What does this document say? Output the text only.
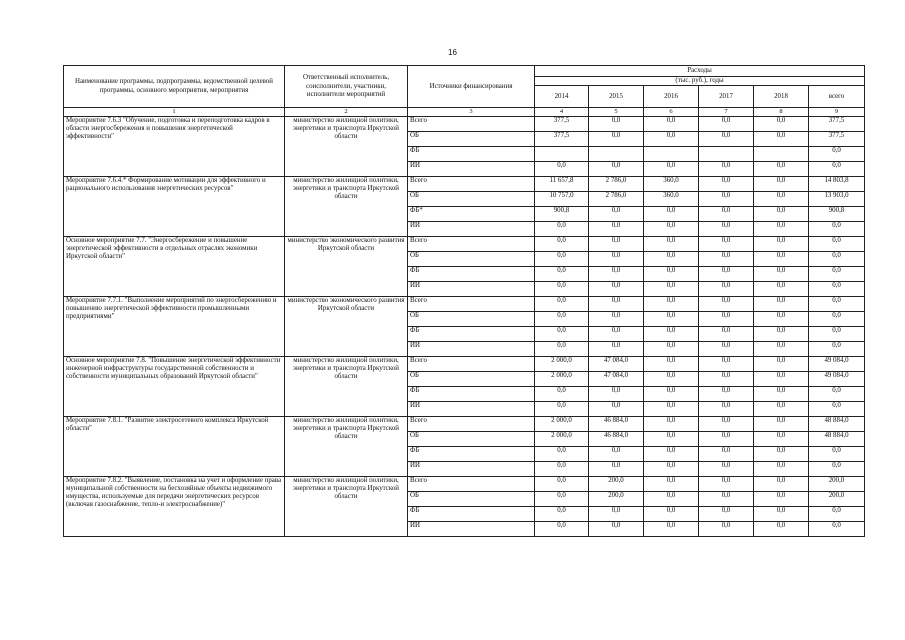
16
Наименование программы, подпрограммы, ведомственной целевой программы, основного мероприятия, мероприятия	Ответственный исполнитель, соисполнители, участники, исполнители мероприятий	Источники финансирования	Расходы					
			(тыс. руб.), годы					
			2014	2015	2016	2017	2018	всего
1	2	3	4	5	6	7	8	9
Мероприятие 7.6.3 "Обучение, подготовка и переподготовка кадров в области энергосбережения и повышения энергетической эффективности"	министерство жилищной политики, энергетики и транспорта Иркутской области	Всего	377,5	0,0	0,0	0,0	0,0	377,5
		ОБ	377,5	0,0	0,0	0,0	0,0	377,5
		ФБ						0,0
		ИИ	0,0	0,0	0,0	0,0	0,0	0,0
Мероприятие 7.6.4.* Формирование мотивации для эффективного и рационального использования энергетических ресурсов"	министерство жилищной политики, энергетики и транспорта Иркутской области	Всего	11 657,8	2 786,0	360,0	0,0	0,0	14 803,8
		ОБ	10 757,0	2 786,0	360,0	0,0	0,0	13 903,0
		ФБ*	900,8	0,0	0,0	0,0	0,0	900,8
		ИИ	0,0	0,0	0,0	0,0	0,0	0,0
Основное мероприятие 7.7. "Энергосбережение и повышение энергетической эффективности в отдельных отраслях экономики Иркутской области"	министерство экономического развития Иркутской области	Всего	0,0	0,0	0,0	0,0	0,0	0,0
		ОБ	0,0	0,0	0,0	0,0	0,0	0,0
		ФБ	0,0	0,0	0,0	0,0	0,0	0,0
		ИИ	0,0	0,0	0,0	0,0	0,0	0,0
Мероприятие 7.7.1. "Выполнение мероприятий по энергосбережению и повышению энергетической эффективности промышленными предприятиями"	министерство экономического развития Иркутской области	Всего	0,0	0,0	0,0	0,0	0,0	0,0
		ОБ	0,0	0,0	0,0	0,0	0,0	0,0
		ФБ	0,0	0,0	0,0	0,0	0,0	0,0
		ИИ	0,0	0,0	0,0	0,0	0,0	0,0
Основное мероприятие 7.8. "Повышение энергетической эффективности инженерной инфраструктуры государственной собственности и собственности муниципальных образований Иркутской области"	министерство жилищной политики, энергетики и транспорта Иркутской области	Всего	2 000,0	47 084,0	0,0	0,0	0,0	49 084,0
		ОБ	2 000,0	47 084,0	0,0	0,0	0,0	49 084,0
		ФБ	0,0	0,0	0,0	0,0	0,0	0,0
		ИИ	0,0	0,0	0,0	0,0	0,0	0,0
Мероприятие 7.8.1. "Развитие электросетевого комплекса Иркутской области"	министерство жилищной политики, энергетики и транспорта Иркутской области	Всего	2 000,0	46 884,0	0,0	0,0	0,0	48 884,0
		ОБ	2 000,0	46 884,0	0,0	0,0	0,0	48 884,0
		ФБ	0,0	0,0	0,0	0,0	0,0	0,0
		ИИ	0,0	0,0	0,0	0,0	0,0	0,0
Мероприятие 7.8.2. "Выявление, постановка на учет и оформление права муниципальной собственности на бесхозяйные объекты недвижимого имущества, используемые для передачи энергетических ресурсов (включая газоснабжение, тепло-и электроснабжение)"	министерство жилищной политики, энергетики и транспорта Иркутской области	Всего	0,0	200,0	0,0	0,0	0,0	200,0
		ОБ	0,0	200,0	0,0	0,0	0,0	200,0
		ФБ	0,0	0,0	0,0	0,0	0,0	0,0
		ИИ	0,0	0,0	0,0	0,0	0,0	0,0
